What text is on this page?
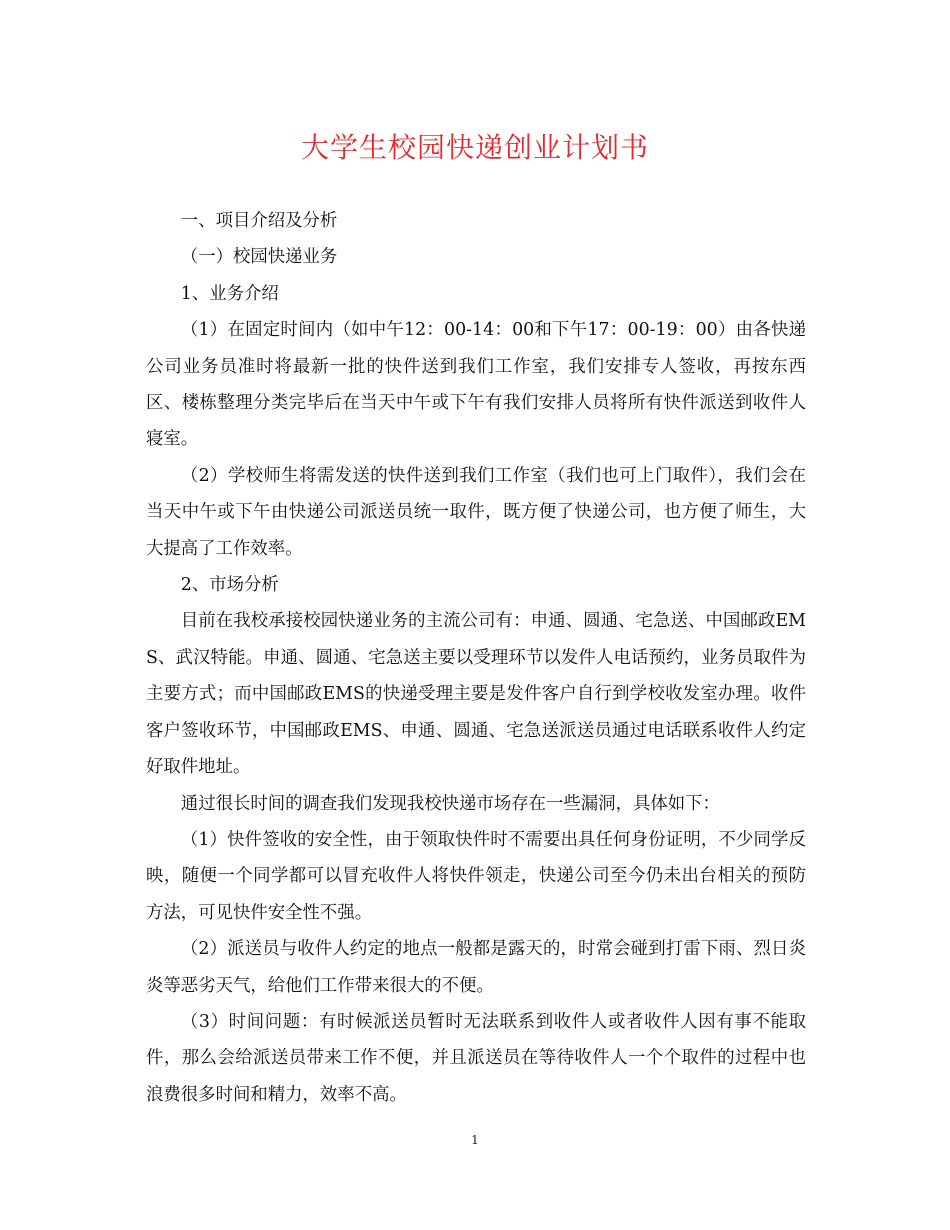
大学生校园快递创业计划书

一、项目介绍及分析

（一）校园快递业务

1、业务介绍

（1）在固定时间内（如中午12：00-14：00和下午17：00-19：00）由各快递公司业务员准时将最新一批的快件送到我们工作室，我们安排专人签收，再按东西区、楼栋整理分类完毕后在当天中午或下午有我们安排人员将所有快件派送到收件人寝室。

（2）学校师生将需发送的快件送到我们工作室（我们也可上门取件），我们会在当天中午或下午由快递公司派送员统一取件，既方便了快递公司，也方便了师生，大大提高了工作效率。

2、市场分析

目前在我校承接校园快递业务的主流公司有：申通、圆通、宅急送、中国邮政EMS、武汉特能。申通、圆通、宅急送主要以受理环节以发件人电话预约，业务员取件为主要方式；而中国邮政EMS的快递受理主要是发件客户自行到学校收发室办理。收件客户签收环节，中国邮政EMS、申通、圆通、宅急送派送员通过电话联系收件人约定好取件地址。

通过很长时间的调查我们发现我校快递市场存在一些漏洞，具体如下：

（1）快件签收的安全性，由于领取快件时不需要出具任何身份证明，不少同学反映，随便一个同学都可以冒充收件人将快件领走，快递公司至今仍未出台相关的预防方法，可见快件安全性不强。

（2）派送员与收件人约定的地点一般都是露天的，时常会碰到打雷下雨、烈日炎炎等恶劣天气，给他们工作带来很大的不便。

（3）时间问题：有时候派送员暂时无法联系到收件人或者收件人因有事不能取件，那么会给派送员带来工作不便，并且派送员在等待收件人一个个取件的过程中也浪费很多时间和精力，效率不高。

1
